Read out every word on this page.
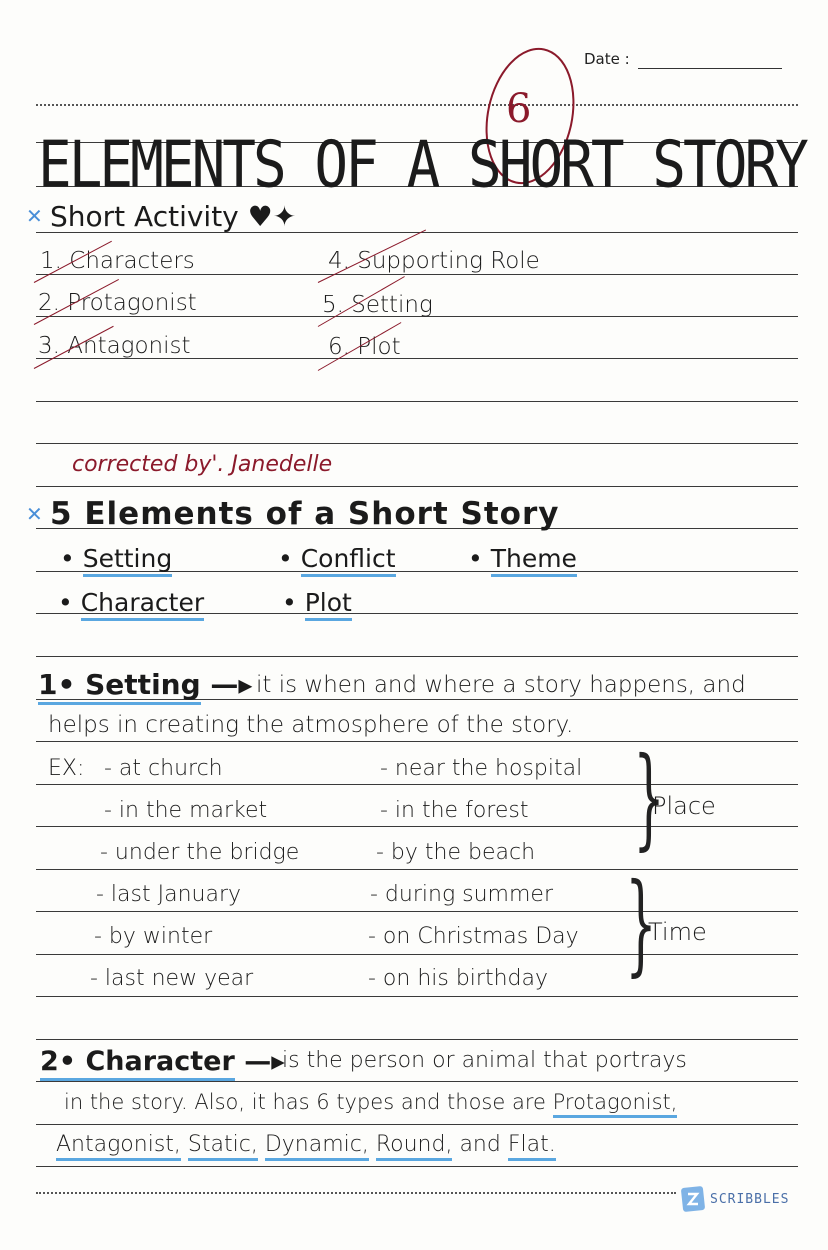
Date :
6
ELEMENTS OF A SHORT STORY
✕ Short Activity ♥✦
1. Characters
2. Protagonist
3. Antagonist
4. Supporting Role
5. Setting
6. Plot
corrected by'. Janedelle
✕ 5 Elements of a Short Story
• Setting	• Conflict	• Theme
• Character	• Plot
1• Setting —▸ it is when and where a story happens, and
helps in creating the atmosphere of the story.
EX: - at church	- near the hospital
- in the market	- in the forest
- under the bridge	- by the beach }
Place
- last January	- during summer
- by winter	- on Christmas Day
- last new year	- on his birthday }
Time
2• Character —▸
is the person or animal that portrays
in the story. Also, it has 6 types and those are Protagonist,
Antagonist, Static, Dynamic, Round, and Flat.
SCRIBBLES
